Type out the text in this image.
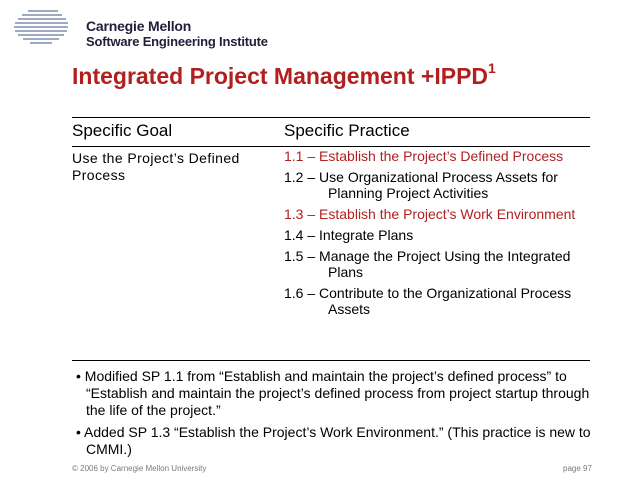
Carnegie Mellon
Software Engineering Institute
Integrated Project Management $+IPPD^1$
Specific Goal	Specific Practice
Use the Project’s Defined Process
1.1 – Establish the Project’s Defined Process
1.2 – Use Organizational Process Assets for Planning Project Activities
1.3 – Establish the Project’s Work Environment
1.4 – Integrate Plans
1.5 – Manage the Project Using the Integrated Plans
1.6 – Contribute to the Organizational Process Assets
• Modified SP 1.1 from “Establish and maintain the project’s defined process” to “Establish and maintain the project’s defined process from project startup through the life of the project.”
• Added SP 1.3 “Establish the Project’s Work Environment.” (This practice is new to CMMI.)
© 2006 by Carnegie Mellon University	page 97
